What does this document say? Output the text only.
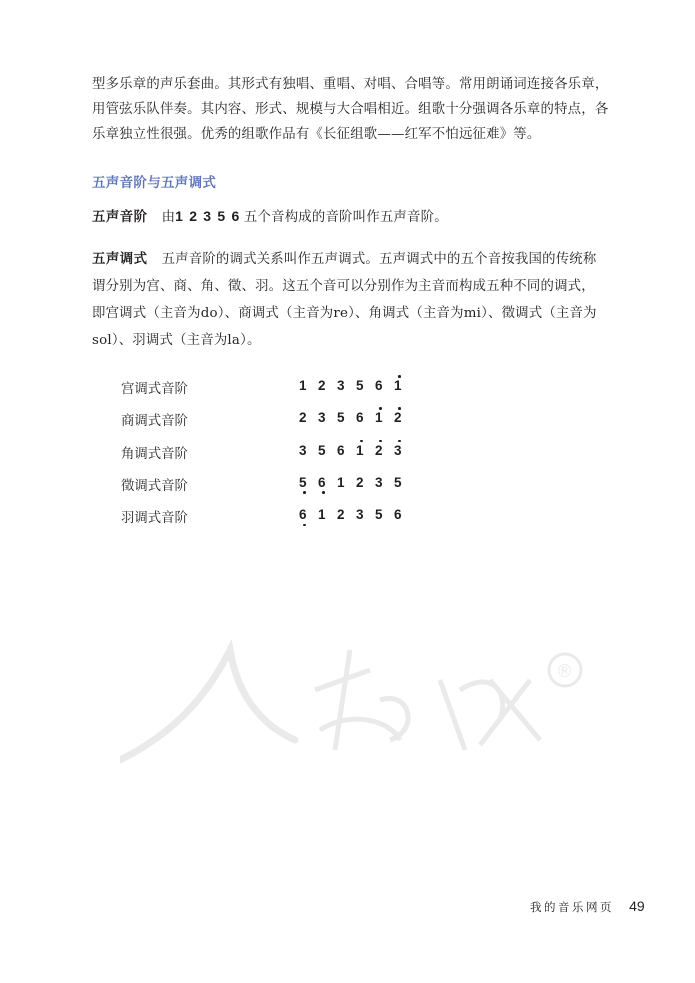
型多乐章的声乐套曲。其形式有独唱、重唱、对唱、合唱等。常用朗诵词连接各乐章，
用管弦乐队伴奏。其内容、形式、规模与大合唱相近。组歌十分强调各乐章的特点，各
乐章独立性很强。优秀的组歌作品有《长征组歌——红军不怕远征难》等。
五声音阶与五声调式
五声音阶 由1 2 3 5 6 五个音构成的音阶叫作五声音阶。
五声调式 五声音阶的调式关系叫作五声调式。五声调式中的五个音按我国的传统称
谓分别为宫、商、角、徵、羽。这五个音可以分别作为主音而构成五种不同的调式，
即宫调式（主音为do）、商调式（主音为re）、角调式（主音为mi）、徵调式（主音为
sol）、羽调式（主音为la）。
宫调式音阶	1 2 3 5 6 1
商调式音阶	2 3 5 6 1 2
角调式音阶	3 5 6 1 2 3
徵调式音阶	5 6 1 2 3 5
羽调式音阶	6 1 2 3 5 6
®
我的音乐网页 49
